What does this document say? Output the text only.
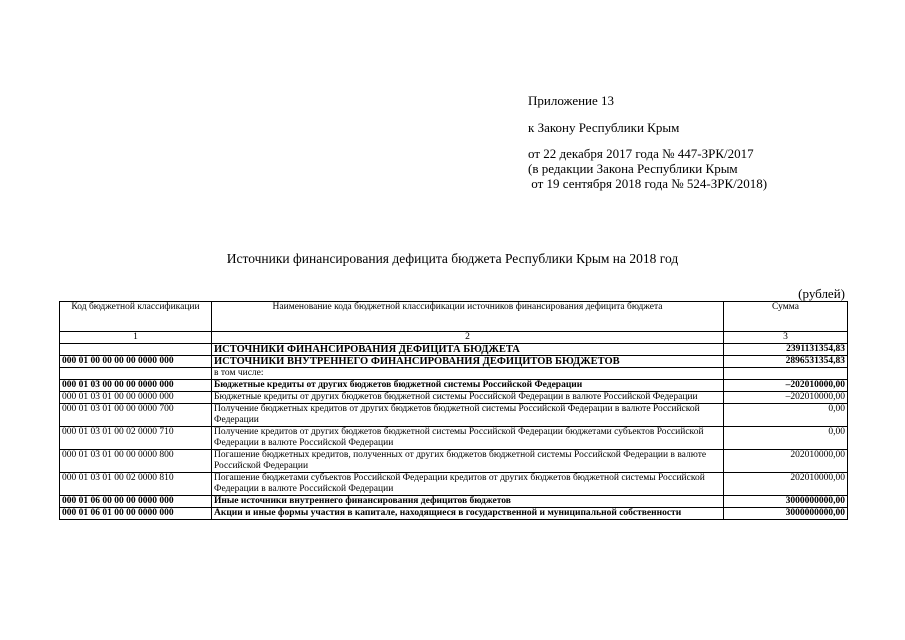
Приложение 13
к Закону Республики Крым
от 22 декабря 2017 года № 447-ЗРК/2017
(в редакции Закона Республики Крым
от 19 сентября 2018 года № 524-ЗРК/2018)
Источники финансирования дефицита бюджета Республики Крым на 2018 год
(рублей)
Код бюджетной классификации	Наименование кода бюджетной классификации источников финансирования дефицита бюджета	Сумма
1	2	3
	ИСТОЧНИКИ ФИНАНСИРОВАНИЯ ДЕФИЦИТА БЮДЖЕТА	2391131354,83
000 01 00 00 00 00 0000 000	ИСТОЧНИКИ ВНУТРЕННЕГО ФИНАНСИРОВАНИЯ ДЕФИЦИТОВ БЮДЖЕТОВ	2896531354,83
	в том числе:	
000 01 03 00 00 00 0000 000	Бюджетные кредиты от других бюджетов бюджетной системы Российской Федерации	–202010000,00
000 01 03 01 00 00 0000 000	Бюджетные кредиты от других бюджетов бюджетной системы Российской Федерации в валюте Российской Федерации	–202010000,00
000 01 03 01 00 00 0000 700	Получение бюджетных кредитов от других бюджетов бюджетной системы Российской Федерации в валюте Российской Федерации	0,00
000 01 03 01 00 02 0000 710	Получение кредитов от других бюджетов бюджетной системы Российской Федерации бюджетами субъектов Российской Федерации в валюте Российской Федерации	0,00
000 01 03 01 00 00 0000 800	Погашение бюджетных кредитов, полученных от других бюджетов бюджетной системы Российской Федерации в валюте Российской Федерации	202010000,00
000 01 03 01 00 02 0000 810	Погашение бюджетами субъектов Российской Федерации кредитов от других бюджетов бюджетной системы Российской Федерации в валюте Российской Федерации	202010000,00
000 01 06 00 00 00 0000 000	Иные источники внутреннего финансирования дефицитов бюджетов	3000000000,00
000 01 06 01 00 00 0000 000	Акции и иные формы участия в капитале, находящиеся в государственной и муниципальной собственности	3000000000,00
